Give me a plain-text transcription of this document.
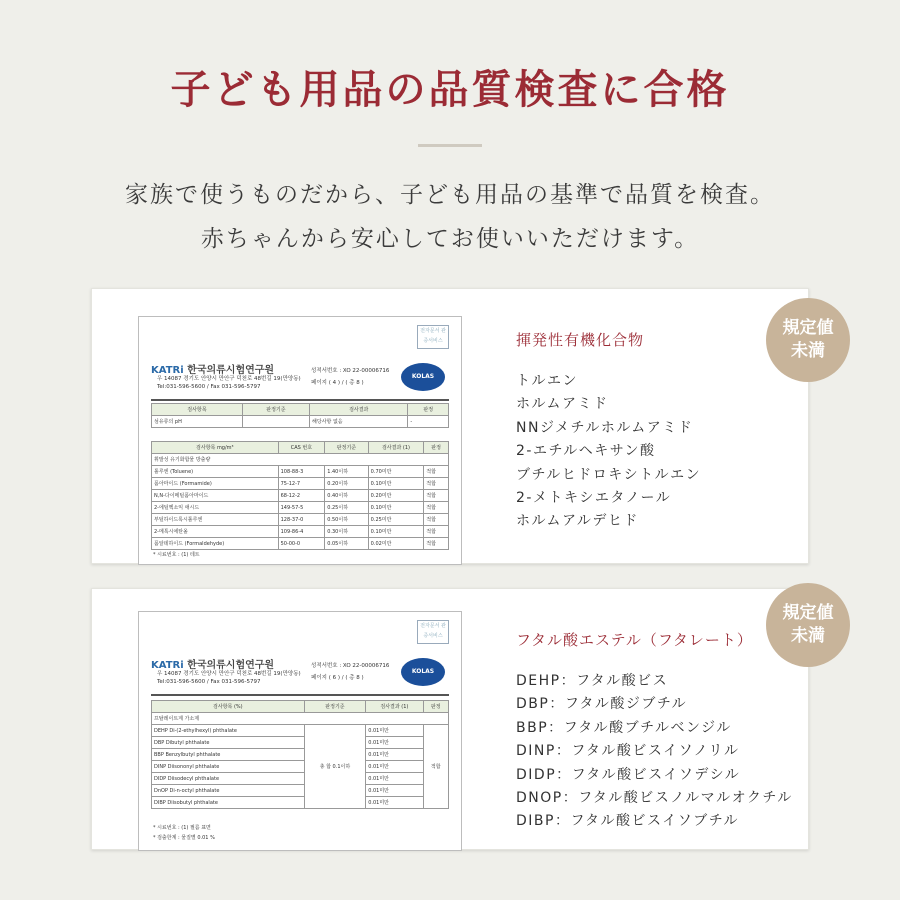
子ども用品の品質検査に合格
家族で使うものだから、子ども用品の基準で品質を検査。
赤ちゃんから安心してお使いいただけます。
전자문서 관증서비스
KATRi 한국의류시험연구원
우 14087 경기도 안양시 만안구 덕천로 48번길 19(만양동) Tel:031-596-5600 / Fax 031-596-5797
성적서번호 : XO 22-00006716
페이지 ( 4 ) / ( 총 8 )
KOLAS
검사항목	판정기준	검사결과	판정
섬유류의 pH		해당사항 없음	-
검사항목 mg/m³	CAS 번호	판정기준	검사결과 (1)	판정
휘발성 유기화합물 방출량				
톨루엔 (Toluene)	108-88-3	1.40이하	0.70미만	적합
폼아마이드 (Formamide)	75-12-7	0.20이하	0.10미만	적합
N,N-다이메틸폼아마이드	68-12-2	0.40이하	0.20미만	적합
2-에틸헥소익 애시드	149-57-5	0.25이하	0.10미만	적합
부틸하이드록시톨루엔	128-37-0	0.50이하	0.25미만	적합
2-메톡시에탄올	109-86-4	0.30이하	0.10미만	적합
폼알데하이드 (Formaldehyde)	50-00-0	0.05이하	0.02미만	적합
* 시료번호 : (1) 테트
揮発性有機化合物
トルエン
ホルムアミド
NNジメチルホルムアミド
2-エチルヘキサン酸
ブチルヒドロキシトルエン
2-メトキシエタノール
ホルムアルデヒド
전자문서 관증서비스
KATRi 한국의류시험연구원
우 14087 경기도 안양시 만안구 덕천로 48번길 19(만양동) Tel:031-596-5600 / Fax 031-596-5797
성적서번호 : XO 22-00006716
페이지 ( 6 ) / ( 총 8 )
KOLAS
검사항목 (%)	판정기준	검사결과 (1)	판정
프탈레이트계 가소제			
DEHP Di-(2-ethylhexyl) phthalate	총 합 0.1이하	0.01미만	적합
DBP Dibutyl phthalate		0.01미만	
BBP Benzylbutyl phthalate		0.01미만	
DINP Diisononyl phthalate		0.01미만	
DIDP Diisodecyl phthalate		0.01미만	
DnOP Di-n-octyl phthalate		0.01미만	
DIBP Diisobutyl phthalate		0.01미만	
* 시료번호 : (1) 필름 표면
* 검출한계 : 물질별 0.01 %
フタル酸エステル（フタレート）
DEHP：フタル酸ビス
DBP：フタル酸ジブチル
BBP：フタル酸ブチルベンジル
DINP：フタル酸ビスイソノリル
DIDP：フタル酸ビスイソデシル
DNOP：フタル酸ビスノルマルオクチル
DIBP：フタル酸ビスイソブチル
規定値
未満
規定値
未満
